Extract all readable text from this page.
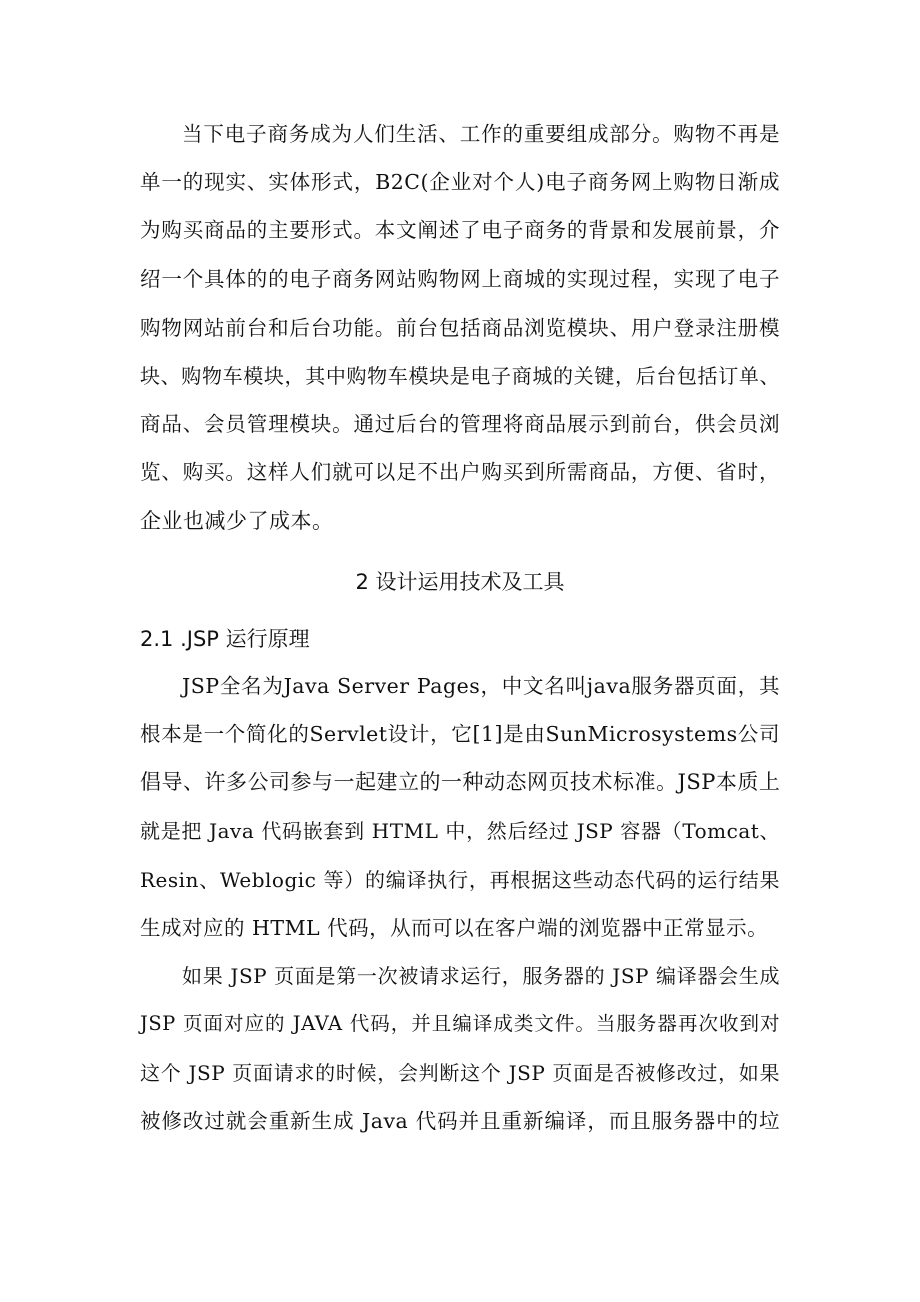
当下电子商务成为人们生活、工作的重要组成部分。购物不再是
单一的现实、实体形式，B2C(企业对个人)电子商务网上购物日渐成
为购买商品的主要形式。本文阐述了电子商务的背景和发展前景，介
绍一个具体的的电子商务网站购物网上商城的实现过程，实现了电子
购物网站前台和后台功能。前台包括商品浏览模块、用户登录注册模
块、购物车模块，其中购物车模块是电子商城的关键，后台包括订单、
商品、会员管理模块。通过后台的管理将商品展示到前台，供会员浏
览、购买。这样人们就可以足不出户购买到所需商品，方便、省时，
企业也减少了成本。
2 设计运用技术及工具
2.1 .JSP 运行原理
JSP全名为Java Server Pages，中文名叫java服务器页面，其
根本是一个简化的Servlet设计，它[1]是由SunMicrosystems公司
倡导、许多公司参与一起建立的一种动态网页技术标准。JSP本质上
就是把 Java 代码嵌套到 HTML 中，然后经过 JSP 容器（Tomcat、
Resin、Weblogic 等）的编译执行，再根据这些动态代码的运行结果
生成对应的 HTML 代码，从而可以在客户端的浏览器中正常显示。
如果 JSP 页面是第一次被请求运行，服务器的 JSP 编译器会生成
JSP 页面对应的 JAVA 代码，并且编译成类文件。当服务器再次收到对
这个 JSP 页面请求的时候，会判断这个 JSP 页面是否被修改过，如果
被修改过就会重新生成 Java 代码并且重新编译，而且服务器中的垃
